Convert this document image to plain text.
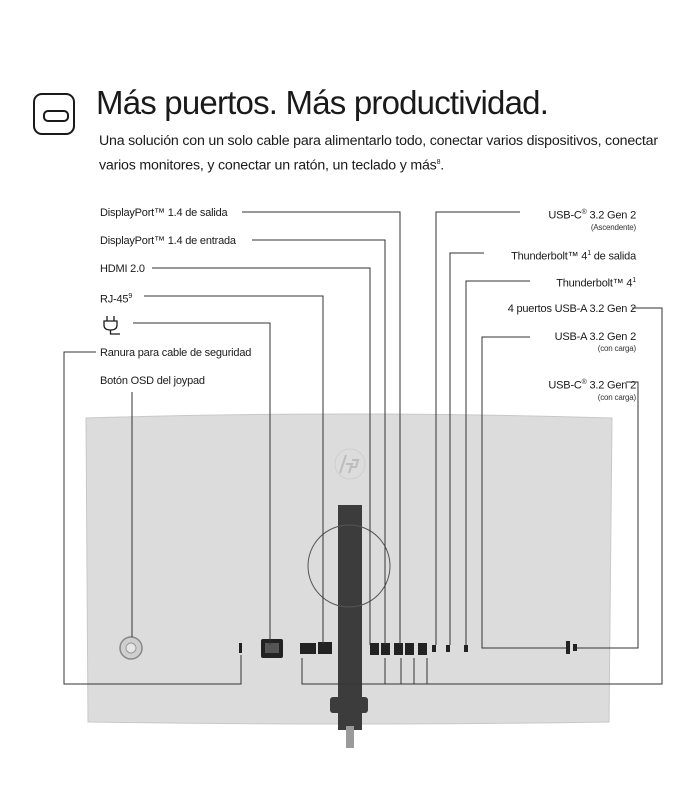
Más puertos. Más productividad.
Una solución con un solo cable para alimentarlo todo, conectar varios dispositivos, conectar varios monitores, y conectar un ratón, un teclado y más$^8$.
DisplayPort™ 1.4 de salida
DisplayPort™ 1.4 de entrada
HDMI 2.0
$RJ-45^9$
Ranura para cable de seguridad
Botón OSD del joypad
USB-C® 3.2 Gen 2
(Ascendente)
Thunderbolt™ $4^1$ de salida
Thunderbolt™ $4^1$
4 puertos USB-A 3.2 Gen 2
USB-A 3.2 Gen 2
(con carga)
USB-C® 3.2 Gen 2
(con carga)
